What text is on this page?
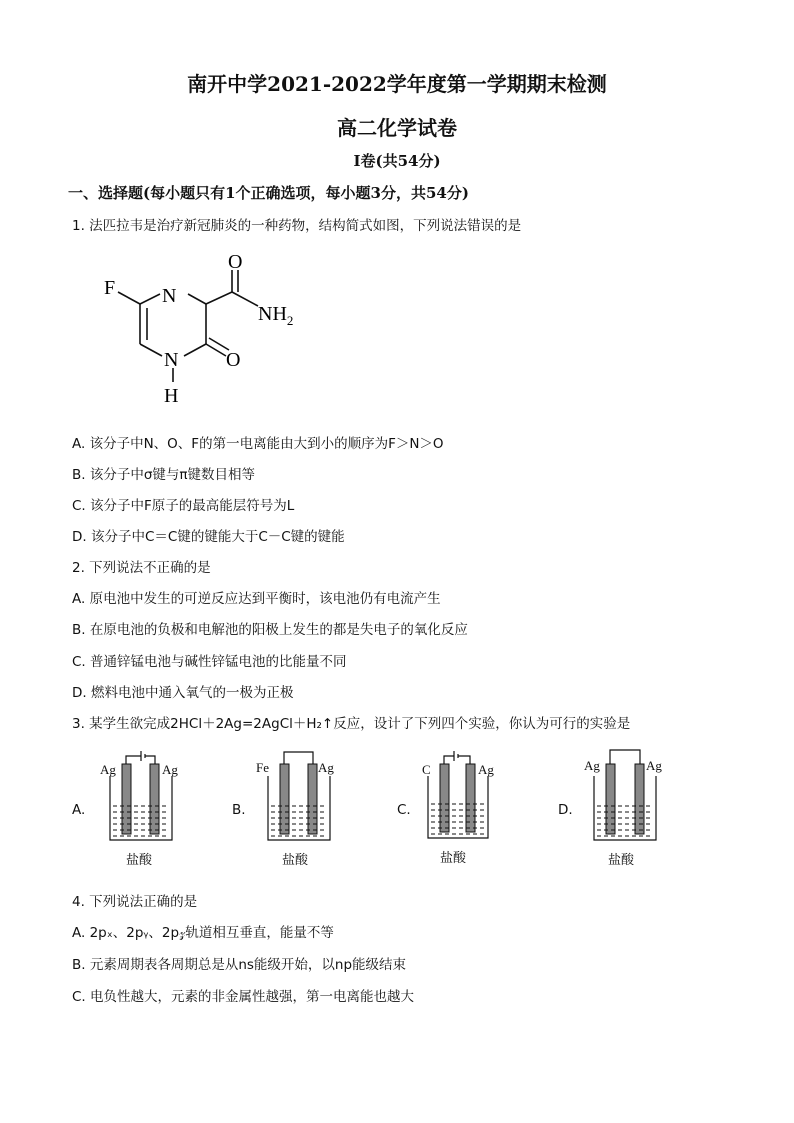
南开中学2021-2022学年度第一学期期末检测
高二化学试卷
Ⅰ卷(共54分)
一、选择题(每小题只有1个正确选项，每小题3分，共54分)
1. 法匹拉韦是治疗新冠肺炎的一种药物，结构简式如图，下列说法错误的是
F N
N
H
O
O
$NH_2$
A. 该分子中N、O、F的第一电离能由大到小的顺序为F＞N＞O
B. 该分子中σ键与π键数目相等
C. 该分子中F原子的最高能层符号为L
D. 该分子中C＝C键的键能大于C－C键的键能
2. 下列说法不正确的是
A. 原电池中发生的可逆反应达到平衡时，该电池仍有电流产生
B. 在原电池的负极和电解池的阳极上发生的都是失电子的氧化反应
C. 普通锌锰电池与碱性锌锰电池的比能量不同
D. 燃料电池中通入氧气的一极为正极
3. 某学生欲完成2HCl＋2Ag=2AgCl＋H₂↑反应，设计了下列四个实验，你认为可行的实验是
A.	B.	C.	D.
Ag	Ag
盐酸
Fe	Ag
盐酸
C	Ag
盐酸
Ag	Ag
盐酸
4. 下列说法正确的是
A. 2pₓ、2pᵧ、2p𝓏轨道相互垂直，能量不等
B. 元素周期表各周期总是从ns能级开始，以np能级结束
C. 电负性越大，元素的非金属性越强，第一电离能也越大
